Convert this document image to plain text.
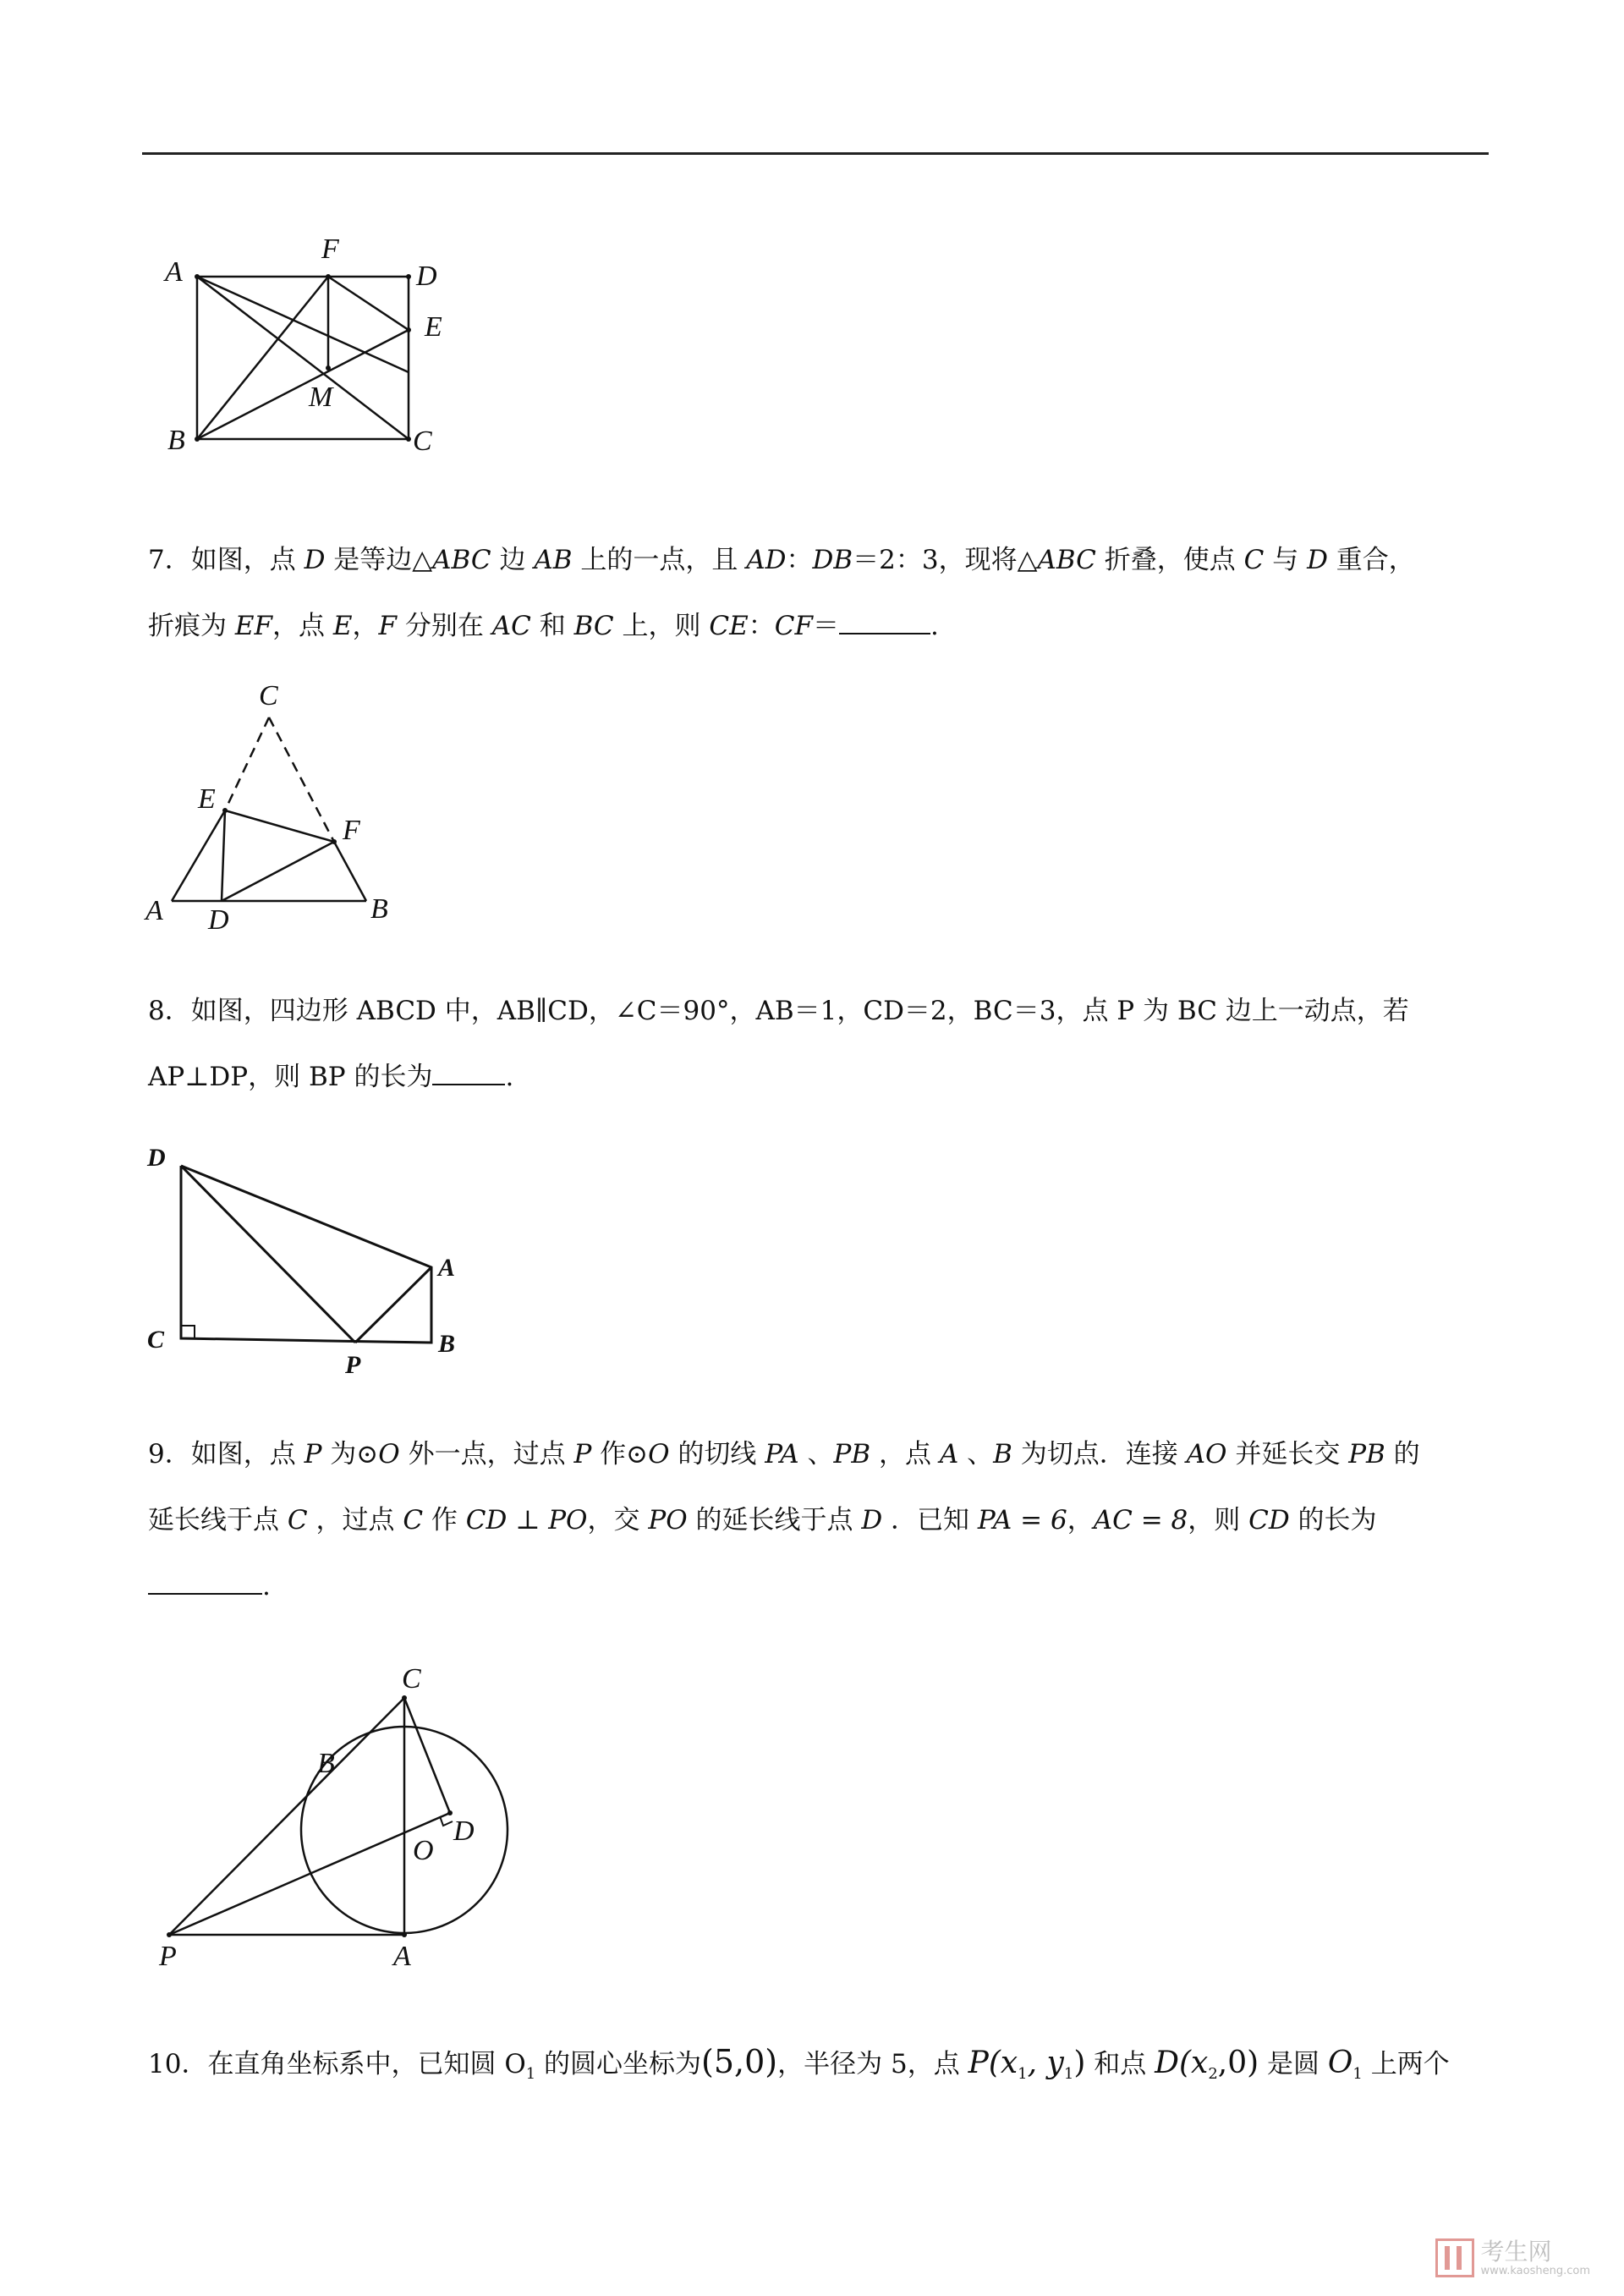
A
F
D
E
M
B	C
7．如图，点 D 是等边△ABC 边 AB 上的一点，且 AD：DB＝2：3，现将△ABC 折叠，使点 C 与 D 重合，
折痕为 EF，点 E，F 分别在 AC 和 BC 上，则 CE：CF＝	.
C
E
F
A D	B
8．如图，四边形 ABCD 中，AB∥CD，∠C＝90°，AB＝1，CD＝2，BC＝3，点 P 为 BC 边上一动点，若
AP⊥DP，则 BP 的长为	.
D
A
C
P
B
9．如图，点 P 为⊙O 外一点，过点 P 作⊙O 的切线 PA 、PB ，点 A 、B 为切点．连接 AO 并延长交 PB 的
延长线于点 C ，过点 C 作 CD ⊥ PO，交 PO 的延长线于点 D ．已知 PA = 6，AC = 8，则 CD 的长为
.
C
B
D
O
P	A
10．在直角坐标系中，已知圆 $O_1$ 的圆心坐标为(5,0)，半径为 5，点 $P(x_1$, $y_1$) 和点 $D(x_2,0)$ 是圆 $O_1$ 上两个
考生网
www.kaosheng.com
